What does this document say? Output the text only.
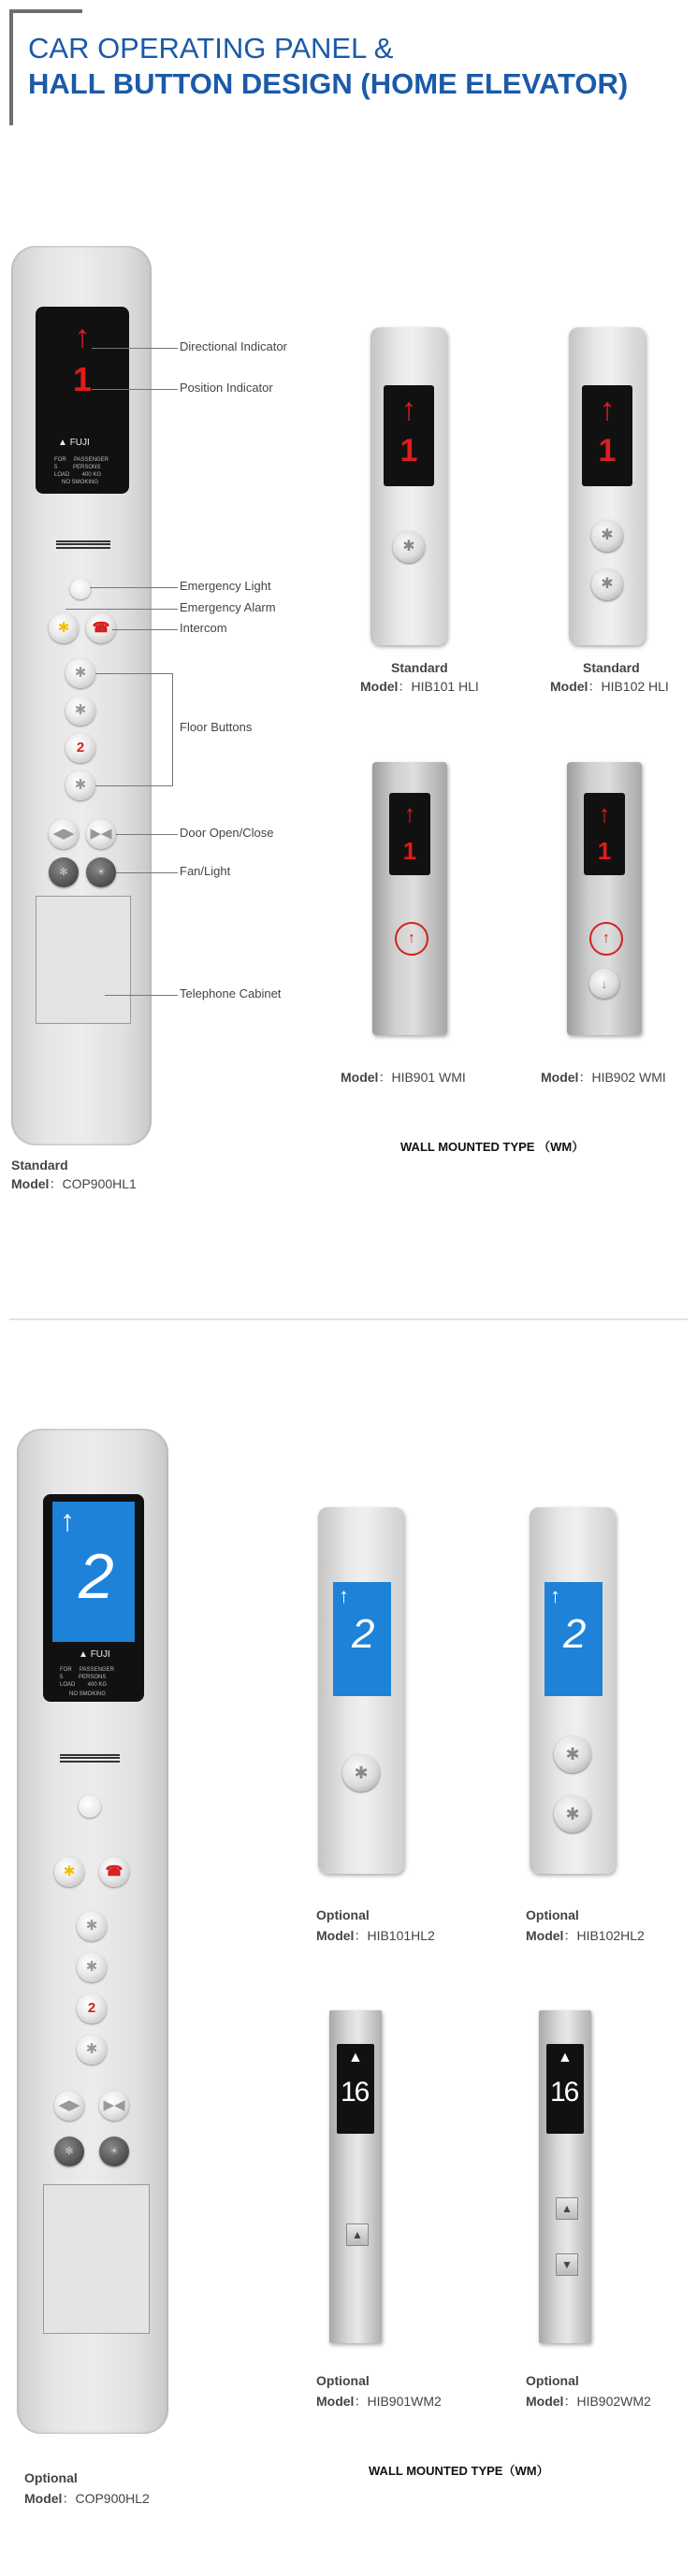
CAR OPERATING PANEL &
HALL BUTTON DESIGN (HOME ELEVATOR)
↑
1
▲ FUJI
FOR     PASSENGER
5          PERSONS
LOAD        400 KG
NO SMOKING
✱	☎
✱
✱
2
✱
◀▶ ▶◀
✻	☀
Directional Indicator
Position Indicator
Emergency Light
Emergency Alarm
Intercom
Floor Buttons
Door Open/Close
Fan/Light
Telephone Cabinet
Standard
Model：COP900HL1
↑
1
✱
↑
1
✱
✱
Standard
Model：HIB101 HLI
Standard
Model：HIB102 HLI
↑
1
↑
↑
1
↑
↓
Model：HIB901 WMI	Model：HIB902 WMI
WALL MOUNTED TYPE （WM）
↑
2
▲ FUJI
FOR     PASSENGER
5          PERSONS
LOAD        400 KG
NO SMOKING
✱	☎
✱
✱
2
✱
◀▶ ▶◀
✻	☀
Optional
Model：COP900HL2
↑
2
✱
↑
2
✱
✱
Optional
Model：HIB101HL2
Optional
Model：HIB102HL2
▲
16
▲
▲
16
▲
▼
Optional
Model：HIB901WM2
Optional
Model：HIB902WM2
WALL MOUNTED TYPE（WM）
